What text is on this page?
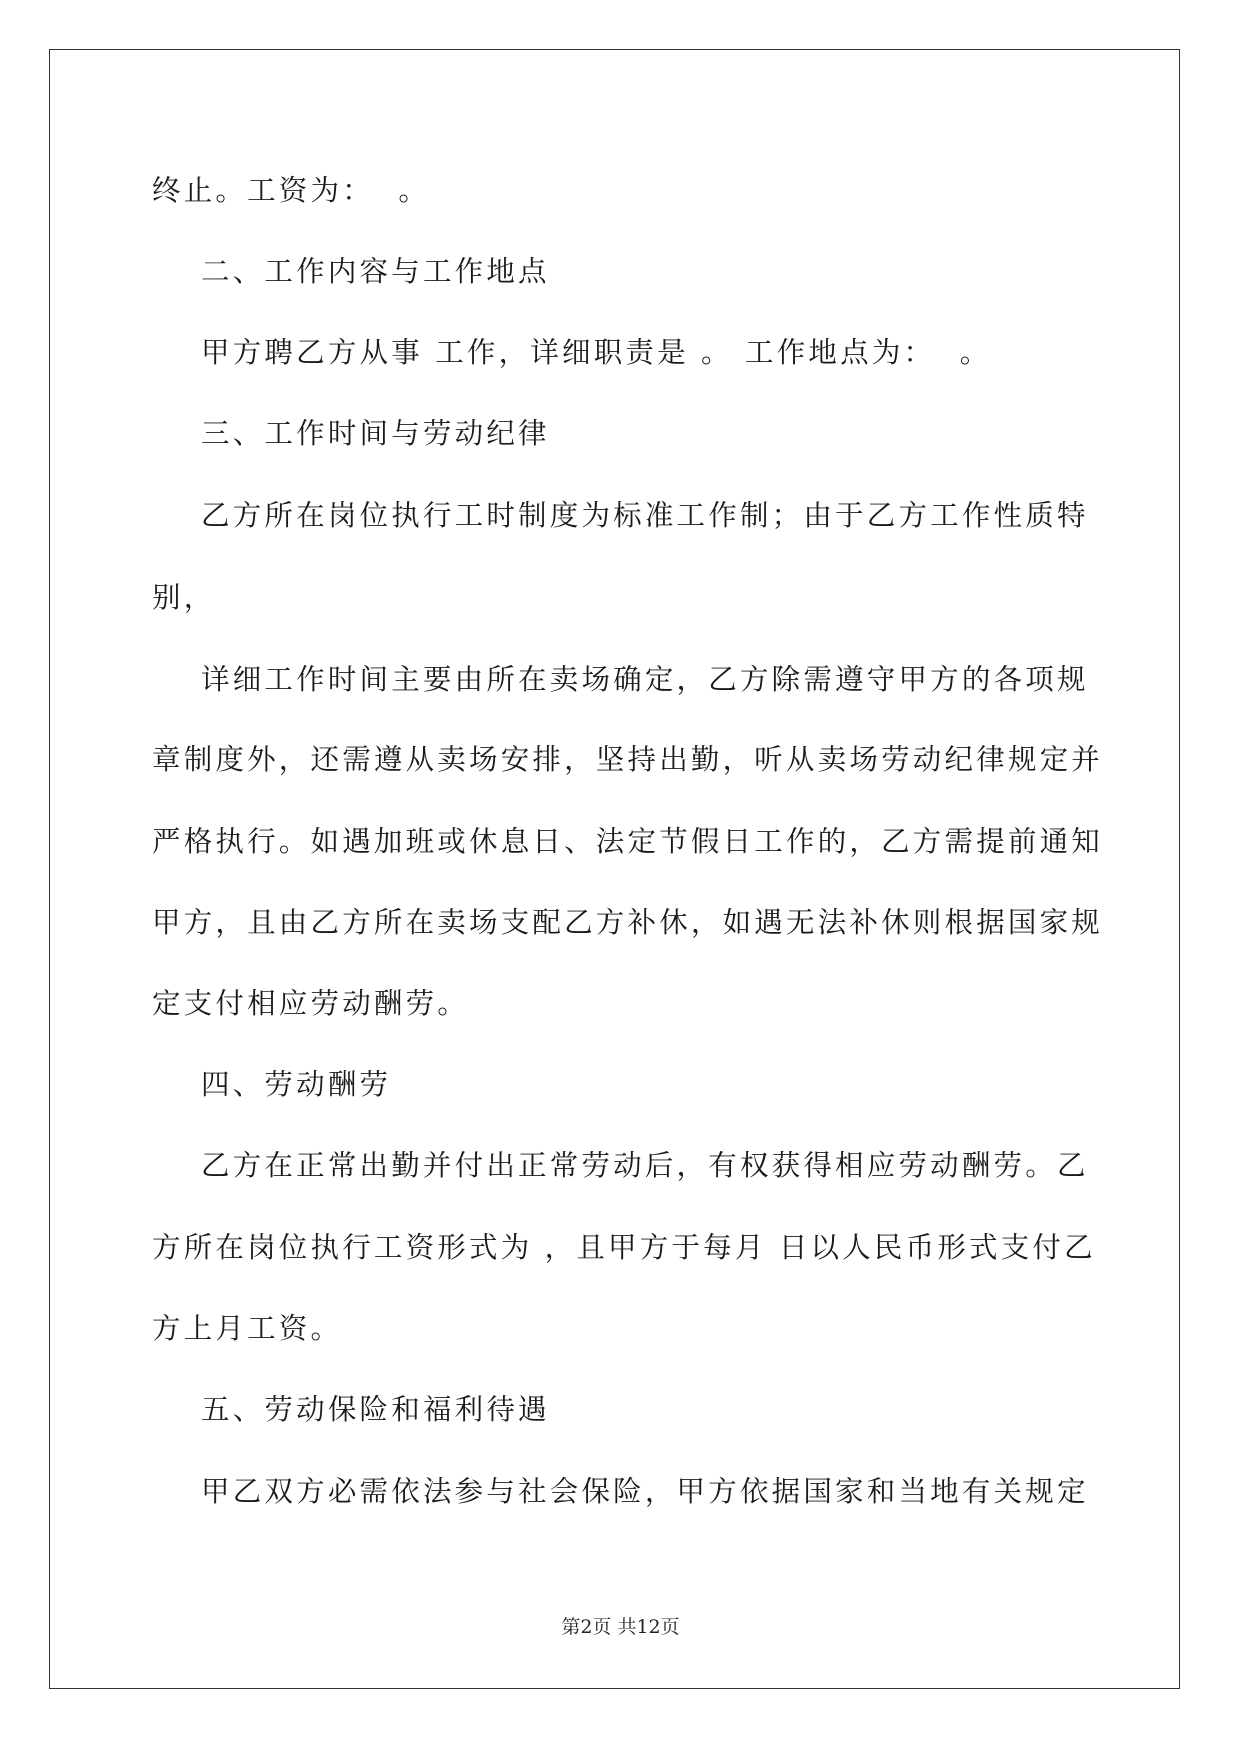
终止。工资为：  。
二、工作内容与工作地点
甲方聘乙方从事 工作，详细职责是 。 工作地点为：  。
三、工作时间与劳动纪律
乙方所在岗位执行工时制度为标准工作制；由于乙方工作性质特
别，
详细工作时间主要由所在卖场确定，乙方除需遵守甲方的各项规
章制度外，还需遵从卖场安排，坚持出勤，听从卖场劳动纪律规定并
严格执行。如遇加班或休息日、法定节假日工作的，乙方需提前通知
甲方，且由乙方所在卖场支配乙方补休，如遇无法补休则根据国家规
定支付相应劳动酬劳。
四、劳动酬劳
乙方在正常出勤并付出正常劳动后，有权获得相应劳动酬劳。乙
方所在岗位执行工资形式为 ，且甲方于每月 日以人民币形式支付乙
方上月工资。
五、劳动保险和福利待遇
甲乙双方必需依法参与社会保险，甲方依据国家和当地有关规定
第2页 共12页
